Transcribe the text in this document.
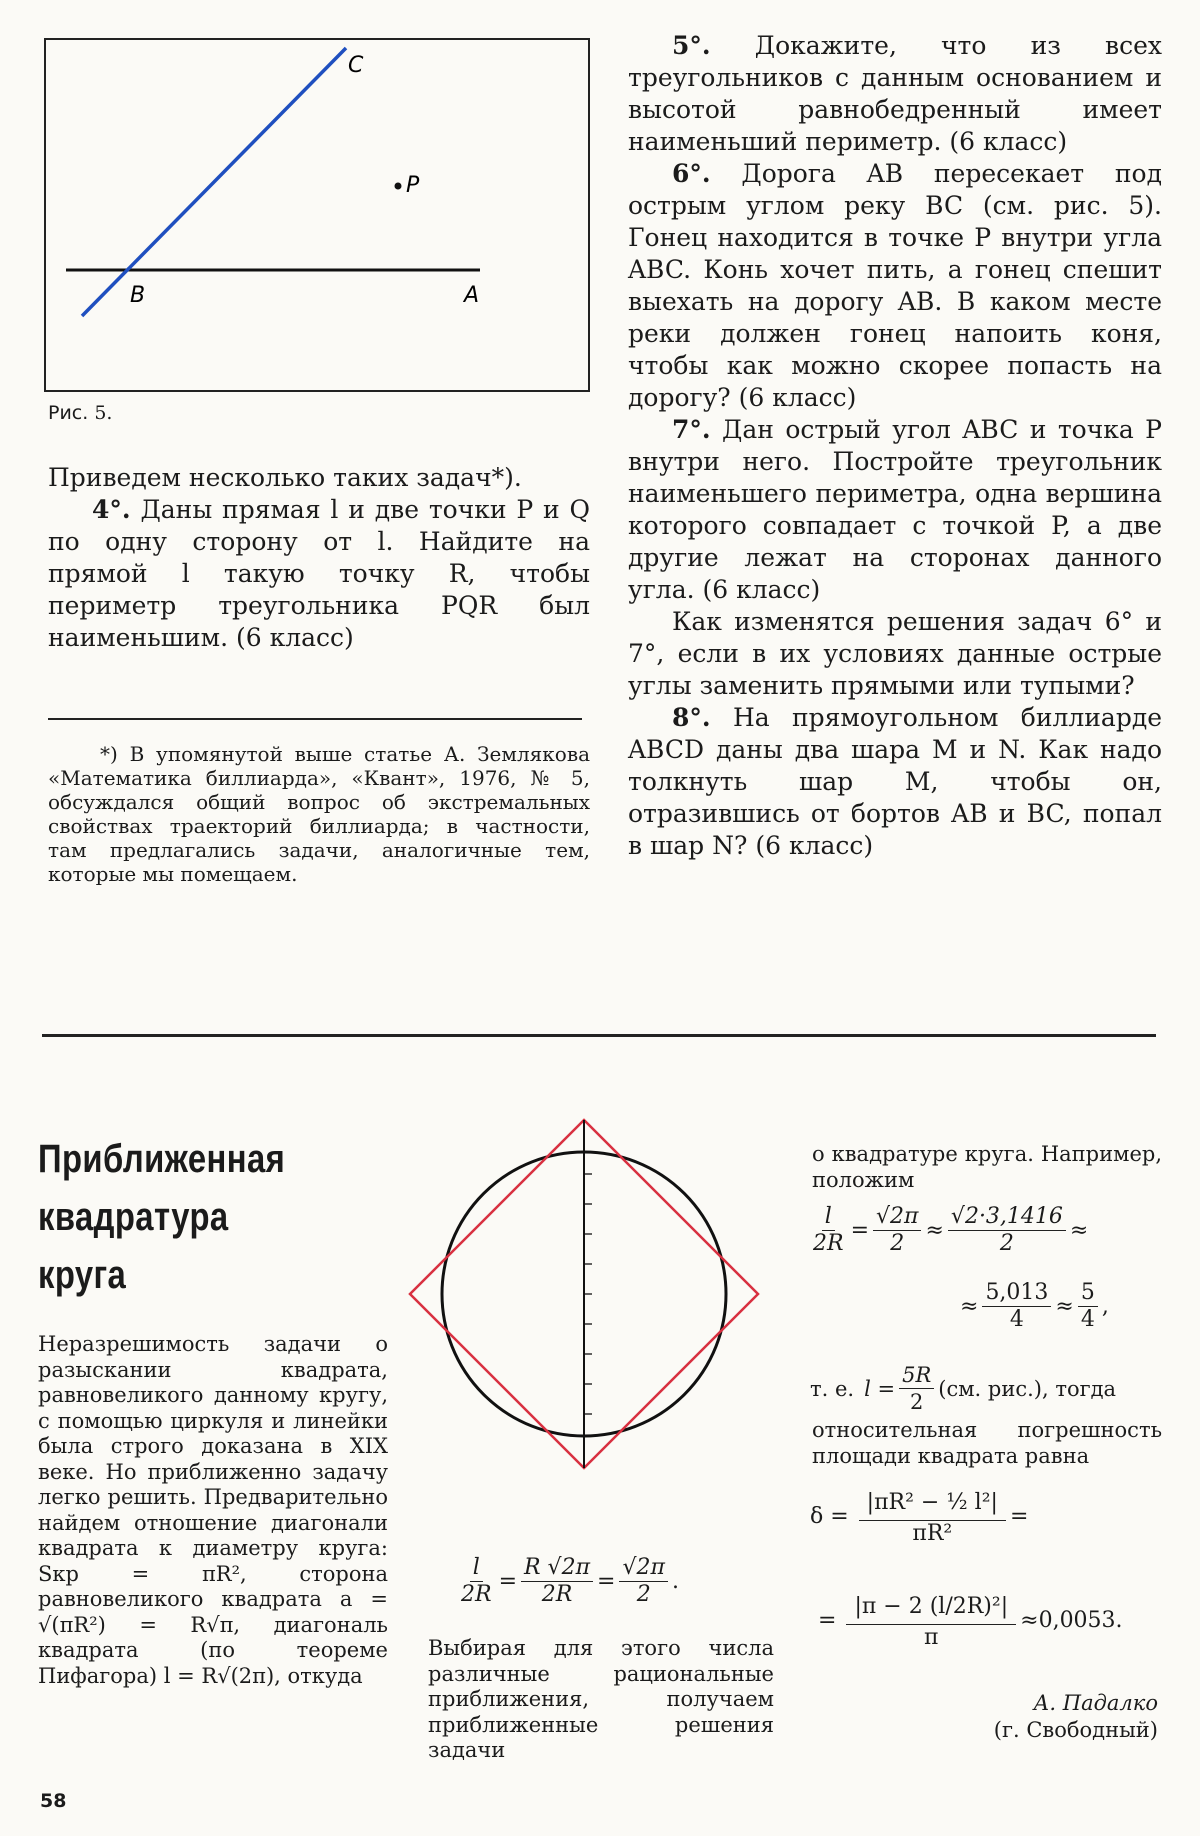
C
P
B	A
Рис. 5.

Приведем несколько таких задач*).

4°. Даны прямая l и две точки P и Q по одну сторону от l. Найдите на прямой l такую точку R, чтобы периметр треугольника PQR был наименьшим. (6 класс)

*) В упомянутой выше статье А. Землякова «Математика биллиарда», «Квант», 1976, № 5, обсуждался общий вопрос об экстремальных свойствах траекторий биллиарда; в частности, там предлагались задачи, аналогичные тем, которые мы помещаем.

5°. Докажите, что из всех треугольников с данным основанием и высотой равнобедренный имеет наименьший периметр. (6 класс)

6°. Дорога AB пересекает под острым углом реку BC (см. рис. 5). Гонец находится в точке P внутри угла ABC. Конь хочет пить, а гонец спешит выехать на дорогу AB. В каком месте реки должен гонец напоить коня, чтобы как можно скорее попасть на дорогу? (6 класс)

7°. Дан острый угол ABC и точка P внутри него. Постройте треугольник наименьшего периметра, одна вершина которого совпадает с точкой P, а две другие лежат на сторонах данного угла. (6 класс)

Как изменятся решения задач 6° и 7°, если в их условиях данные острые углы заменить прямыми или тупыми?

8°. На прямоугольном биллиарде ABCD даны два шара M и N. Как надо толкнуть шар M, чтобы он, отразившись от бортов AB и BC, попал в шар N? (6 класс)

Приближенная
квадратура
круга
Неразрешимость задачи о разыскании квадрата, равновеликого данному кругу, с помощью циркуля и линейки была строго доказана в XIX веке. Но приближенно задачу легко решить. Предварительно найдем отношение диагонали квадрата к диаметру круга: Sкр = πR², сторона равновеликого квадрата a = √(πR²) = R√π, диагональ квадрата (по теореме Пифагора) l = R√(2π), откуда
$\frac{l}{2R} = \frac{R √2\pi}{2R} = \frac{√2\pi}{2}$ .
Выбирая для этого числа различные рациональные приближения, получаем приближенные решения задачи
о квадратуре круга. Например, положим
$\frac{l}{2R} = \frac{√2\pi}{2} \approx \frac{√2\cdot 3,1416}{2}$ ≈
≈ $\frac{5,013}{4} \approx \frac{5}{4}$ ,
т. е. $l = \frac{5R}{2} (см$. рис.), тогда
относительная погрешность площади квадрата равна
$\delta = \frac{\text{|πR² − ½ l²|}}{\text{πR²}}$ =
= $\frac{\text{|π − 2 (l/2R)²|}}{\pi} \approx 0,0053$.
А. Падалко
(г. Свободный)
58
